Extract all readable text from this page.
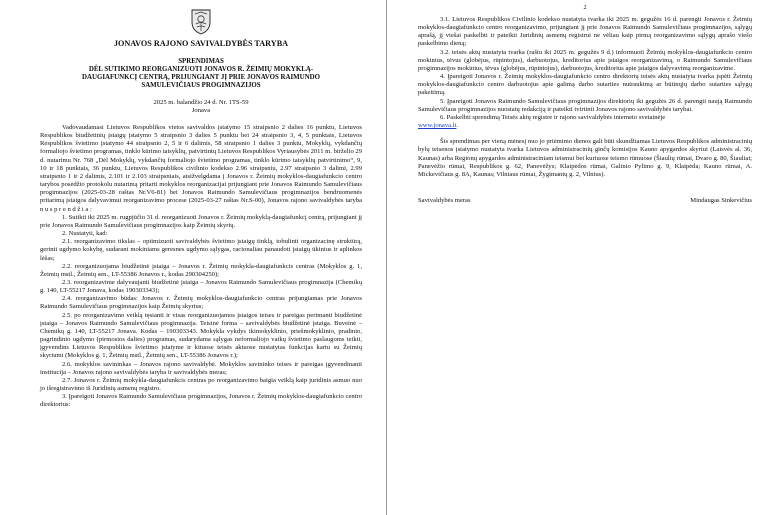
JONAVOS RAJONO SAVIVALDYBĖS TARYBA
SPRENDIMAS
DĖL SUTIKIMO REORGANIZUOTI JONAVOS R. ŽEIMIŲ MOKYKLĄ-
DAUGIAFUNKCĮ CENTRĄ, PRIJUNGIANT JĮ PRIE JONAVOS RAIMUNDO
SAMULEVIČIAUS PROGIMNAZIJOS
2025 m. balandžio 24 d. Nr. 1TS-59
Jonava

Vadovaudamasi Lietuvos Respublikos vietos savivaldos įstatymo 15 straipsnio 2 dalies 16 punktu, Lietuvos Respublikos biudžetinių įstaigų įstatymo 5 straipsnio 3 dalies 5 punktu bei 24 straipsnio 3, 4, 5 punktais, Lietuvos Respublikos švietimo įstatymo 44 straipsnio 2, 5 ir 6 dalimis, 58 straipsnio 1 dalies 3 punktu, Mokyklų, vykdančių formaliojo švietimo programas, tinklo kūrimo taisyklių, patvirtintų Lietuvos Respublikos Vyriausybės 2011 m. birželio 29 d. nutarimu Nr. 768 „Dėl Mokyklų, vykdančių formaliojo švietimo programas, tinklo kūrimo taisyklių patvirtinimo“, 9, 10 ir 18 punktais, 36 punktu, Lietuvos Respublikos civilinio kodekso 2.96 straipsniu, 2.97 straipsnio 3 dalimi, 2.99 straipsnio 1 ir 2 dalimis, 2.101 ir 2.103 straipsniais, atsižvelgdama į Jonavos r. Žeimių mokyklos-daugiafunkcio centro tarybos posėdžio protokolu nutarimą pritarti mokyklos reorganizacijai prijungiant prie Jonavos Raimundo Samulevičiaus progimnazijos (2025-03-28 raštas Nr.V6-81) bei Jonavos Raimundo Samulevičiaus progimnazijos bendruomenės pritarimą įstaigos dalyvavimui reorganizavimo procese (2025-03-27 raštas Nr.S-00), Jonavos rajono savivaldybės taryba n u s p r e n d ž i a :

1. Sutikti iki 2025 m. rugpjūčio 31 d. reorganizuoti Jonavos r. Žeimių mokyklą-daugiafunkcį centrą, prijungiant jį prie Jonavos Raimundo Samulevičiaus progimnazijos kaip Žeimių skyrių.

2. Nustatyti, kad:

2.1. reorganizavimo tikslas – optimizuoti savivaldybės švietimo įstaigų tinklą, tobulinti organizacinę struktūrą, gerinti ugdymo kokybę, sudarant mokiniams geresnes ugdymo sąlygas, racionaliau panaudoti įstaigų ūkinius ir aplinkos lėšas;

2.2. reorganizuojama biudžetinė įstaiga – Jonavos r. Žeimių mokykla-daugiafunkcis centras (Mokyklos g. 1, Žeimių mstl., Žeimių sen., LT-55386 Jonavos r., kodas 290304250);

2.3. reorganizavime dalyvaujanti biudžetinė įstaiga – Jonavos Raimundo Samulevičiaus progimnazija (Chemikų g. 140, LT-55217 Jonava, kodas 190303343);

2.4. reorganizavimo būdas: Jonavos r. Žeimių mokyklos-daugiafunkcio centras prijungiamas prie Jonavos Raimundo Samulevičiaus progimnazijos kaip Žeimių skyrius;

2.5. po reorganizavimo veiklą tęsianti ir visas reorganizuojamos įstaigos teises ir pareigas perimanti biudžetinė įstaiga – Jonavos Raimundo Samulevičiaus progimnazija. Teisinė forma – savivaldybės biudžetinė įstaiga. Buveinė – Chemikų g. 140, LT-55217 Jonava. Kodas – 190303343. Mokykla vykdys ikimokyklinio, priešmokyklinio, pradinio, pagrindinio ugdymo (pirmosios dalies) programas, sudarydama sąlygas neformaliojo vaikų švietimo paslaugoms teikti, įgyvendins Lietuvos Respublikos švietimo įstatyme ir kituose teisės aktuose nustatytas funkcijas kartu su Žeimių skyriumi (Mokyklos g. 1, Žeimių mstl., Žeimių sen., LT-55386 Jonavos r.);

2.6. mokyklos savininkas – Jonavos rajono savivaldybė. Mokyklos savininko teises ir pareigas įgyvendinanti institucija – Jonavos rajono savivaldybės taryba ir savivaldybės meras;

2.7. Jonavos r. Žeimių mokykla-daugiafunkcis centras po reorganizavimo baigia veiklą kaip juridinis asmuo nuo jo išregistravimo iš Juridinių asmenų registro.

3. Įpareigoti Jonavos Raimundo Samulevičiaus progimnazijos, Jonavos r. Žeimių mokyklos-daugiafunkcio centro direktorius:

2

3.1. Lietuvos Respublikos Civilinio kodekso nustatyta tvarka iki 2025 m. gegužės 16 d. parengti Jonavos r. Žeimių mokyklos-daugiafunkcio centro reorganizavimo, prijungiant jį prie Jonavos Raimundo Samulevičiaus progimnazijos, sąlygų aprašą, jį viešai paskelbti ir pateikti Juridinių asmenų registrui ne vėliau kaip pirmą reorganizavimo sąlygų aprašo viešo paskelbimo dieną;

3.2. teisės aktų nustatyta tvarka (raštu iki 2025 m. gegužės 9 d.) informuoti Žeimių mokyklos-daugiafunkcio centro mokinius, tėvus (globėjus, rūpintojus), darbuotojus, kreditorius apie įstaigos reorganizavimą, o Raimundo Samulevičiaus progimnazijos mokinius, tėvus (globėjus, rūpintojus), darbuotojus, kreditorius apie įstaigos dalyvavimą reorganizavime.

4. Įpareigoti Jonavos r. Žeimių mokyklos-daugiafunkcio centro direktorių teisės aktų nustatyta tvarka įspėti Žeimių mokyklos-daugiafunkcio centro darbuotojus apie galimą darbo sutarties nutraukimą ar būtinųjų darbo sutarties sąlygų pakeitimą.

5. Įpareigoti Jonavos Raimundo Samulevičiaus progimnazijos direktorių iki gegužės 26 d. parengti naują Raimundo Samulevičiaus progimnazijos nuostatų redakciją ir pateikti tvirtinti Jonavos rajono savivaldybės tarybai.

6. Paskelbti sprendimą Teisės aktų registre ir rajono savivaldybės interneto svetainėje

www.jonava.lt.

Šis sprendimas per vieną mėnesį nuo jo priėmimo dienos gali būti skundžiamas Lietuvos Respublikos administracinių bylų teisenos įstatymo nustatyta tvarka Lietuvos administracinių ginčų komisijos Kauno apygardos skyriui (Laisvės al. 36, Kaunas) arba Regionų apygardos administraciniam teismui bet kuriuose teismo rūmuose (Šiaulių rūmai, Dvaro g. 80, Šiauliai; Panevėžio rūmai, Respublikos g. 62, Panevėžys; Klaipėdos rūmai, Galinio Pylimo g. 9, Klaipėda; Kauno rūmai, A. Mickevičiaus g. 8A, Kaunas; Vilniaus rūmai, Žygimantų g. 2, Vilnius).

Savivaldybės meras	Mindaugas Sinkevičius
